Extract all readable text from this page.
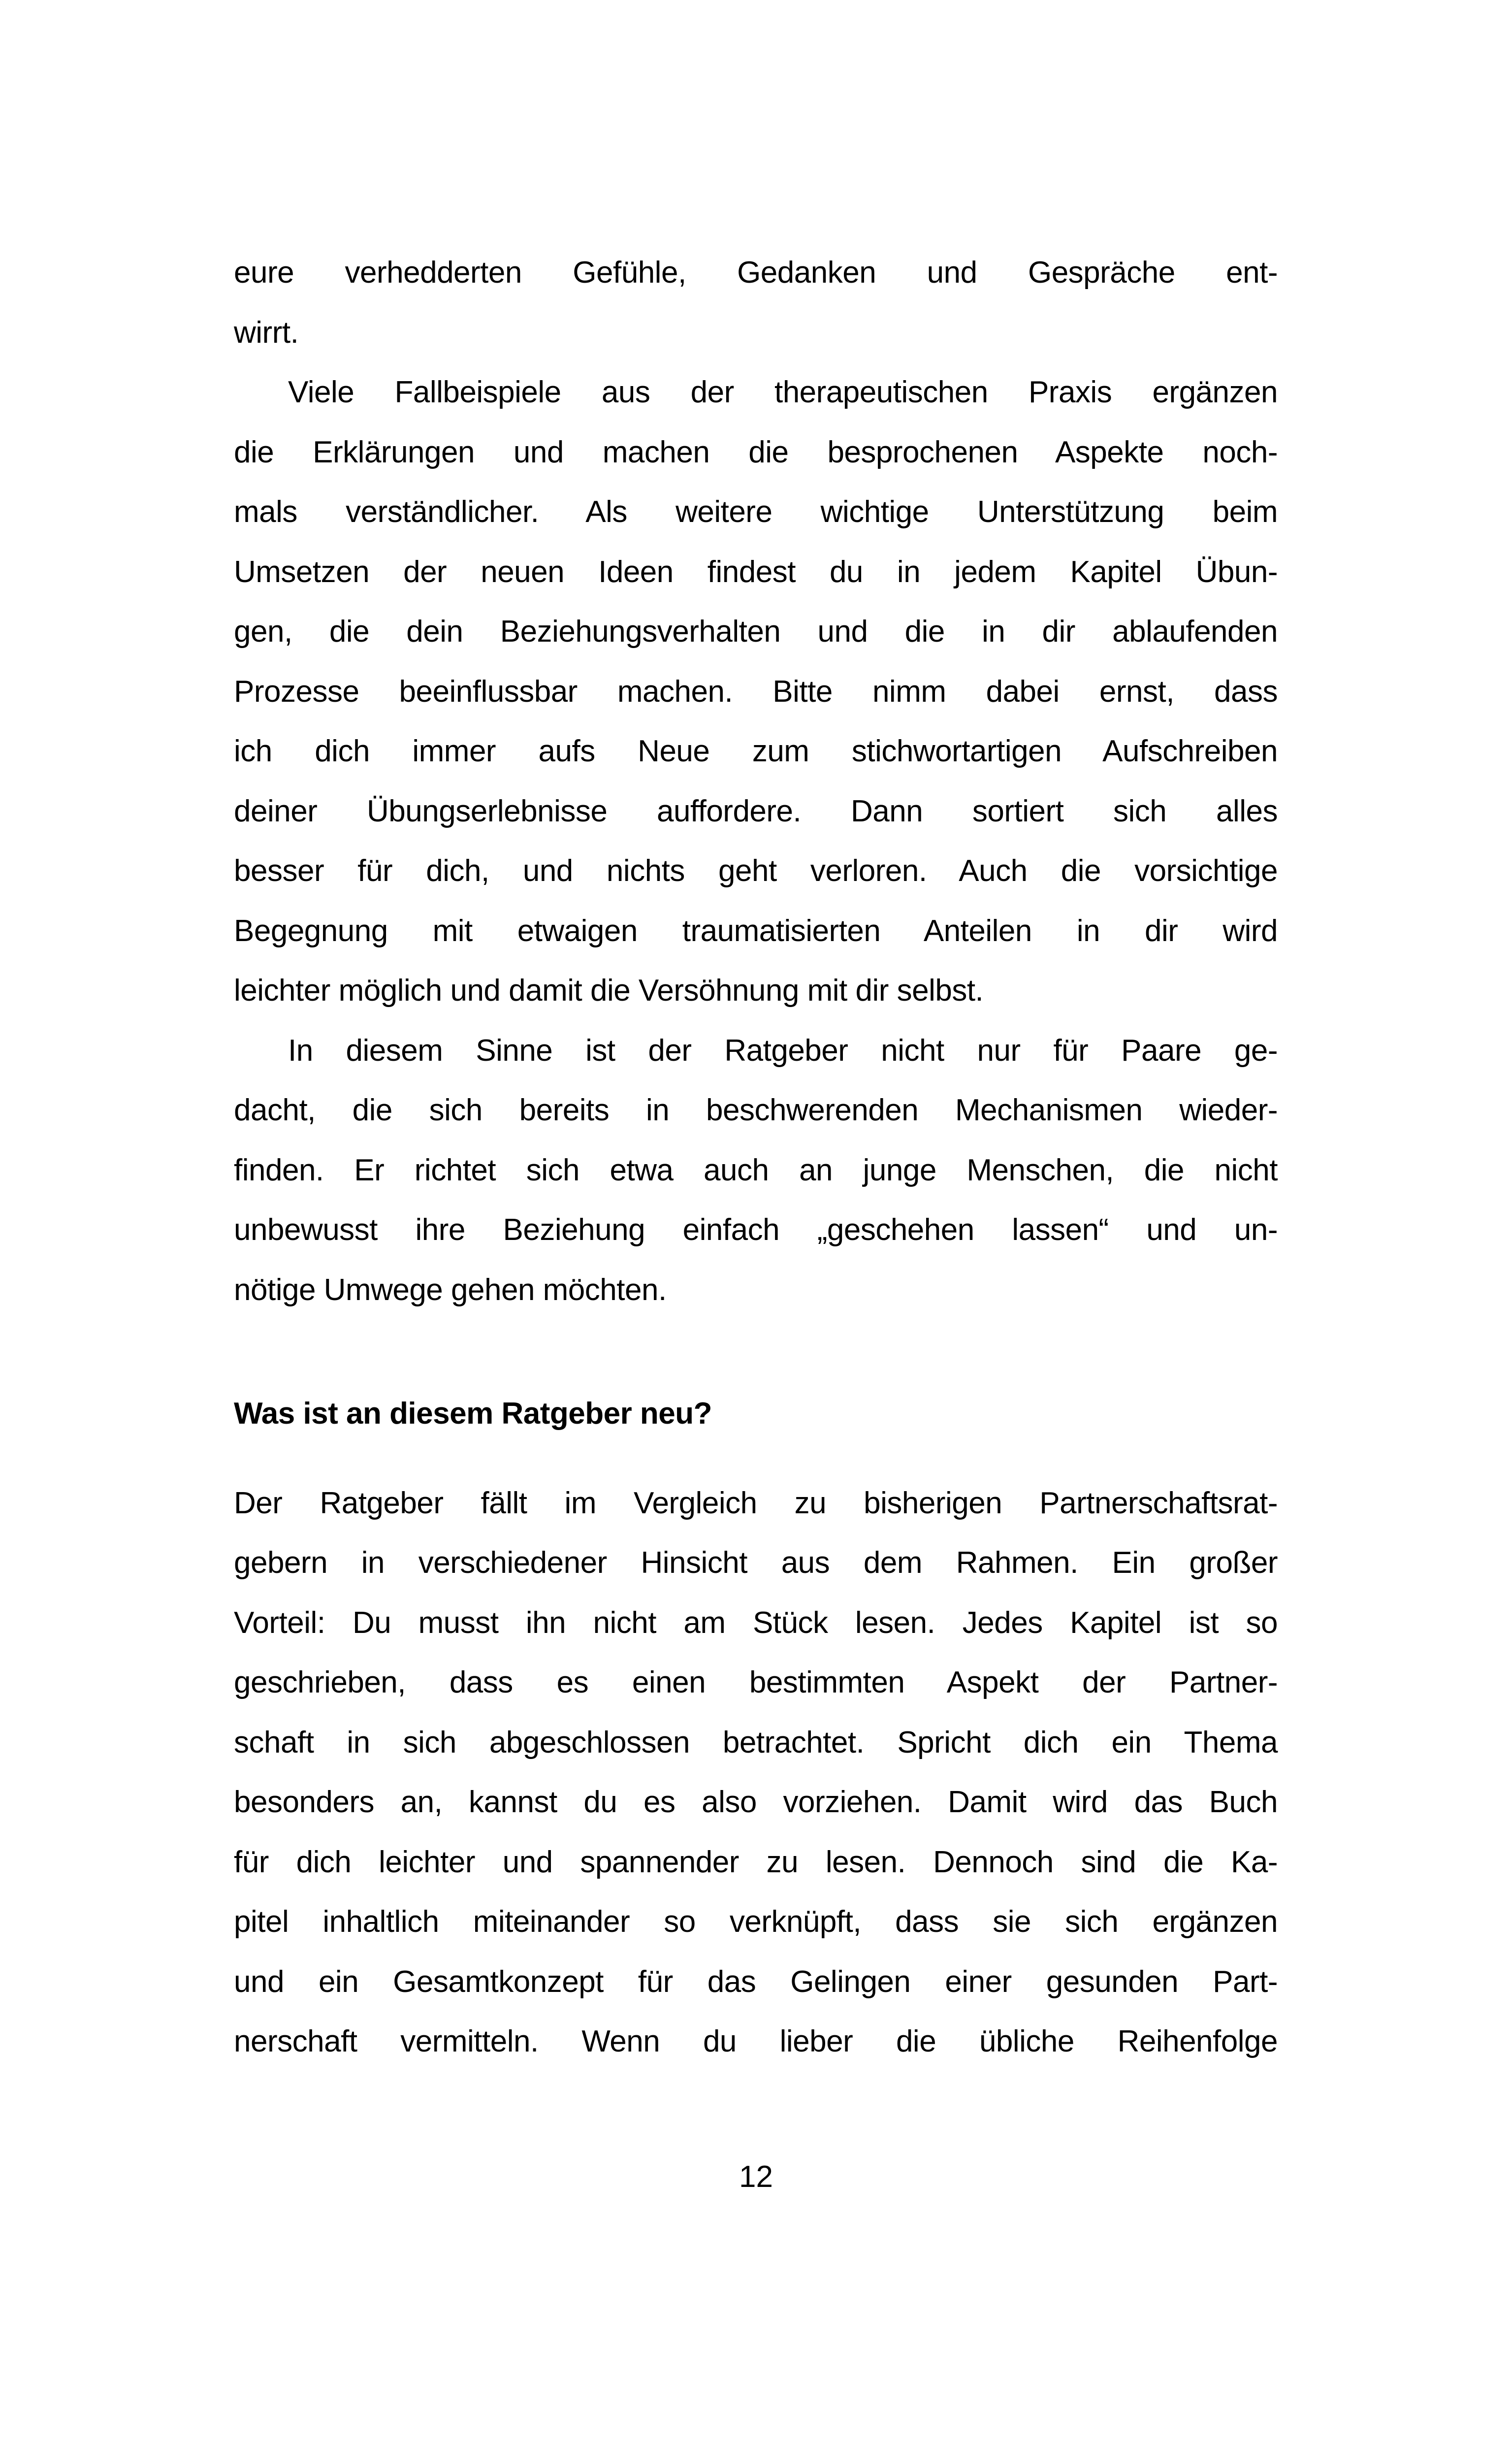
eure verhedderten Gefühle, Gedanken und Gespräche ent-
wirrt.
Viele Fallbeispiele aus der therapeutischen Praxis ergänzen
die Erklärungen und machen die besprochenen Aspekte noch-
mals verständlicher. Als weitere wichtige Unterstützung beim
Umsetzen der neuen Ideen findest du in jedem Kapitel Übun-
gen, die dein Beziehungsverhalten und die in dir ablaufenden
Prozesse beeinflussbar machen. Bitte nimm dabei ernst, dass
ich dich immer aufs Neue zum stichwortartigen Aufschreiben
deiner Übungserlebnisse auffordere. Dann sortiert sich alles
besser für dich, und nichts geht verloren. Auch die vorsichtige
Begegnung mit etwaigen traumatisierten Anteilen in dir wird
leichter möglich und damit die Versöhnung mit dir selbst.
In diesem Sinne ist der Ratgeber nicht nur für Paare ge-
dacht, die sich bereits in beschwerenden Mechanismen wieder-
finden. Er richtet sich etwa auch an junge Menschen, die nicht
unbewusst ihre Beziehung einfach „geschehen lassen“ und un-
nötige Umwege gehen möchten.
Was ist an diesem Ratgeber neu?
Der Ratgeber fällt im Vergleich zu bisherigen Partnerschaftsrat-
gebern in verschiedener Hinsicht aus dem Rahmen. Ein großer
Vorteil: Du musst ihn nicht am Stück lesen. Jedes Kapitel ist so
geschrieben, dass es einen bestimmten Aspekt der Partner-
schaft in sich abgeschlossen betrachtet. Spricht dich ein Thema
besonders an, kannst du es also vorziehen. Damit wird das Buch
für dich leichter und spannender zu lesen. Dennoch sind die Ka-
pitel inhaltlich miteinander so verknüpft, dass sie sich ergänzen
und ein Gesamtkonzept für das Gelingen einer gesunden Part-
nerschaft vermitteln. Wenn du lieber die übliche Reihenfolge
12
